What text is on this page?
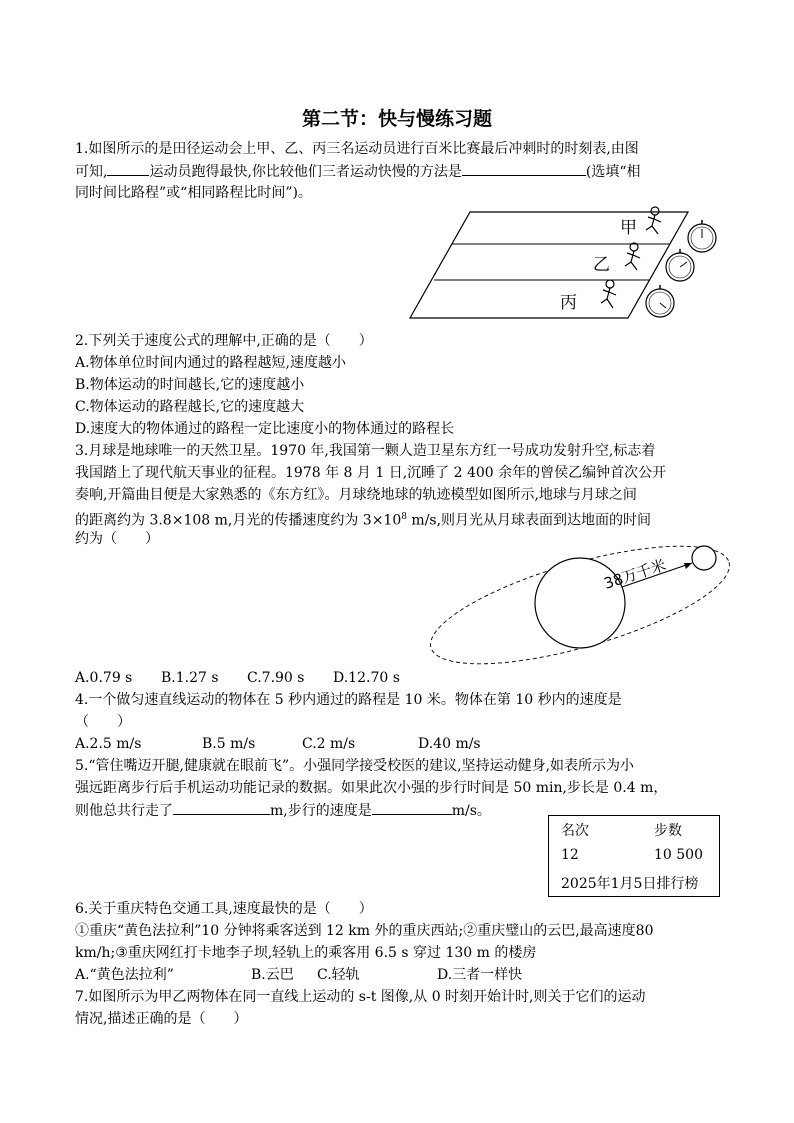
第二节：快与慢练习题
1.如图所示的是田径运动会上甲、乙、丙三名运动员进行百米比赛最后冲刺时的时刻表,由图
可知,	运动员跑得最快,你比较他们三者运动快慢的方法是	(选填“相
同时间比路程”或“相同路程比时间”)。
甲
乙
丙
2.下列关于速度公式的理解中,正确的是（　　）
A.物体单位时间内通过的路程越短,速度越小
B.物体运动的时间越长,它的速度越小
C.物体运动的路程越长,它的速度越大
D.速度大的物体通过的路程一定比速度小的物体通过的路程长
3.月球是地球唯一的天然卫星。1970 年,我国第一颗人造卫星东方红一号成功发射升空,标志着
我国踏上了现代航天事业的征程。1978 年 8 月 1 日,沉睡了 2 400 余年的曾侯乙编钟首次公开
奏响,开篇曲目便是大家熟悉的《东方红》。月球绕地球的轨迹模型如图所示,地球与月球之间
的距离约为 3.8×108 m,月光的传播速度约为 $3\times 10^8$ m/s,则月光从月球表面到达地面的时间
约为（　　）
38万千米
A.0.79 s B.1.27 s C.7.90 s D.12.70 s
4.一个做匀速直线运动的物体在 5 秒内通过的路程是 10 米。物体在第 10 秒内的速度是
（　　）
A.2.5 m/s	B.5 m/s	C.2 m/s	D.40 m/s
5.“管住嘴迈开腿,健康就在眼前飞”。小强同学接受校医的建议,坚持运动健身,如表所示为小
强远距离步行后手机运动功能记录的数据。如果此次小强的步行时间是 50 min,步长是 0.4 m，
则他总共行走了	m,步行的速度是	m/s。
名次	步数
12	10 500
2025年1月5日排行榜
6.关于重庆特色交通工具,速度最快的是（　　）
①重庆“黄色法拉利”10 分钟将乘客送到 12 km 外的重庆西站;②重庆璧山的云巴,最高速度80
km/h;③重庆网红打卡地李子坝,轻轨上的乘客用 6.5 s 穿过 130 m 的楼房
A.“黄色法拉利”	B.云巴 C.轻轨	D.三者一样快
7.如图所示为甲乙两物体在同一直线上运动的 s-t 图像,从 0 时刻开始计时,则关于它们的运动
情况,描述正确的是（　　）
